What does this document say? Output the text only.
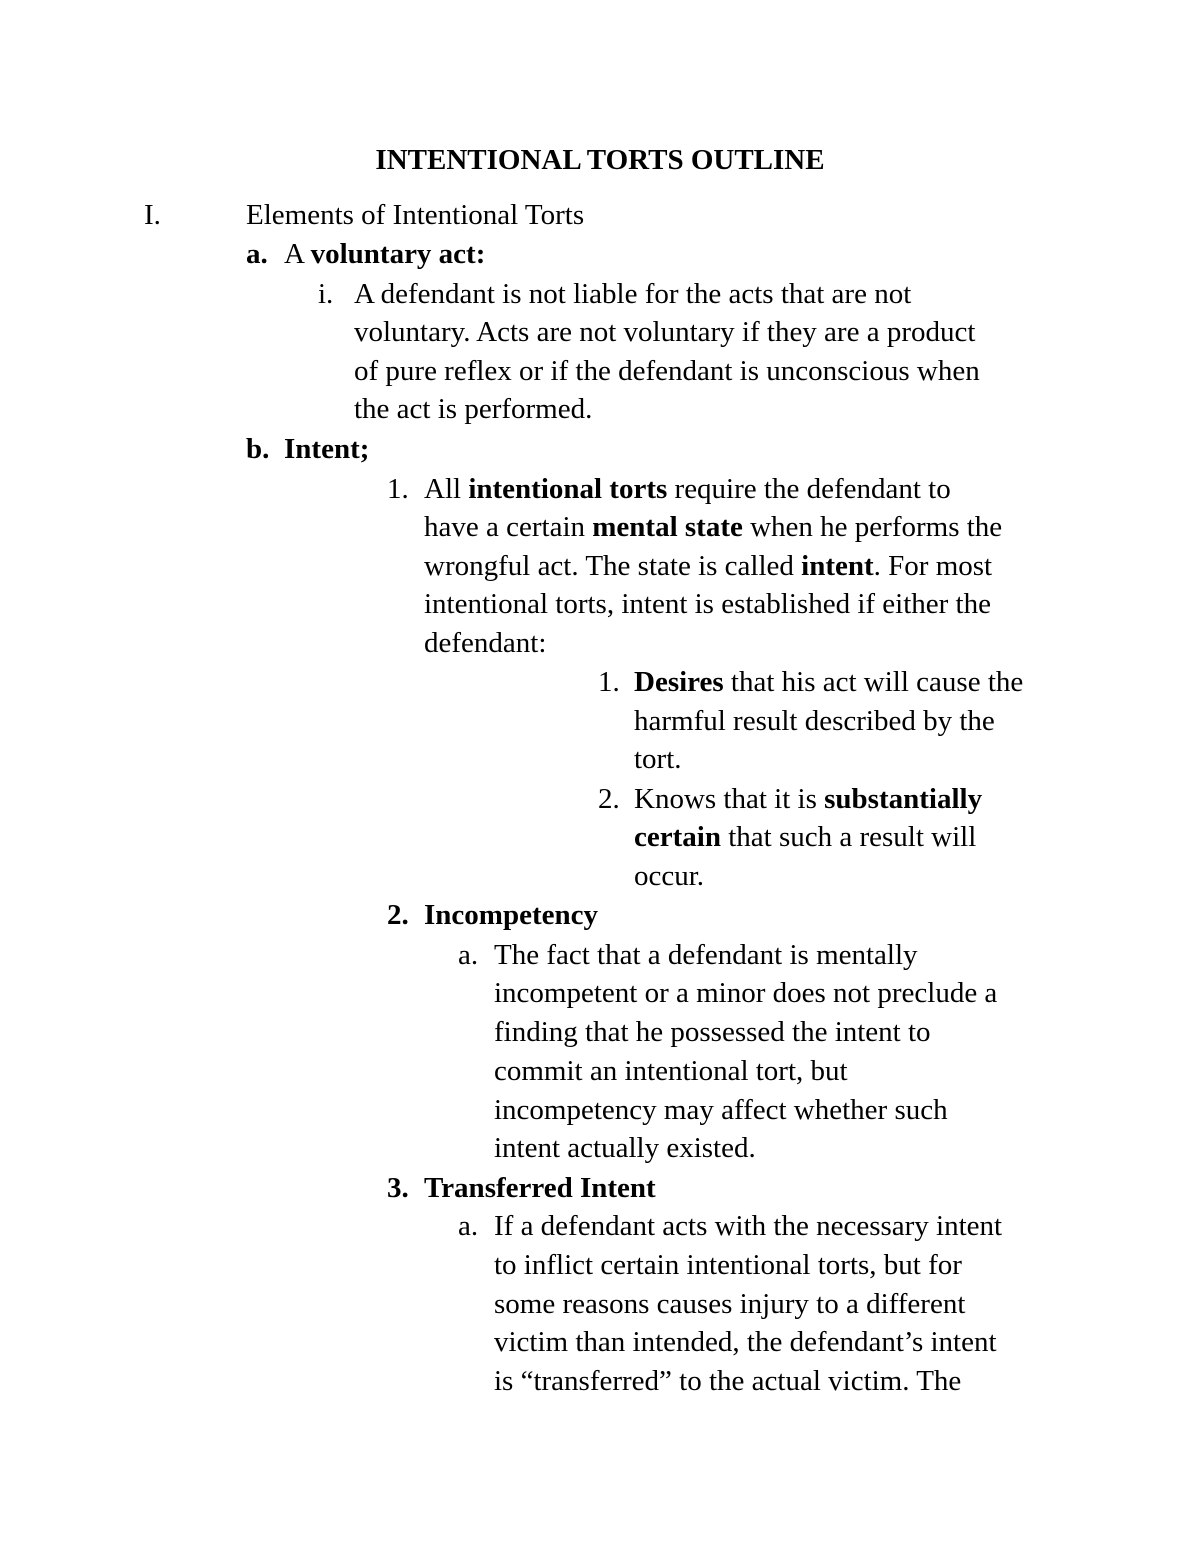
INTENTIONAL TORTS OUTLINE
I.	Elements of Intentional Torts
a. A voluntary act:
i. A defendant is not liable for the acts that are not
voluntary. Acts are not voluntary if they are a product
of pure reflex or if the defendant is unconscious when
the act is performed.
b. Intent;
1. All intentional torts require the defendant to
have a certain mental state when he performs the
wrongful act. The state is called intent. For most
intentional torts, intent is established if either the
defendant:
1. Desires that his act will cause the
harmful result described by the
tort.
2. Knows that it is substantially
certain that such a result will
occur.
2. Incompetency
a. The fact that a defendant is mentally
incompetent or a minor does not preclude a
finding that he possessed the intent to
commit an intentional tort, but
incompetency may affect whether such
intent actually existed.
3. Transferred Intent
a. If a defendant acts with the necessary intent
to inflict certain intentional torts, but for
some reasons causes injury to a different
victim than intended, the defendant’s intent
is “transferred” to the actual victim. The
